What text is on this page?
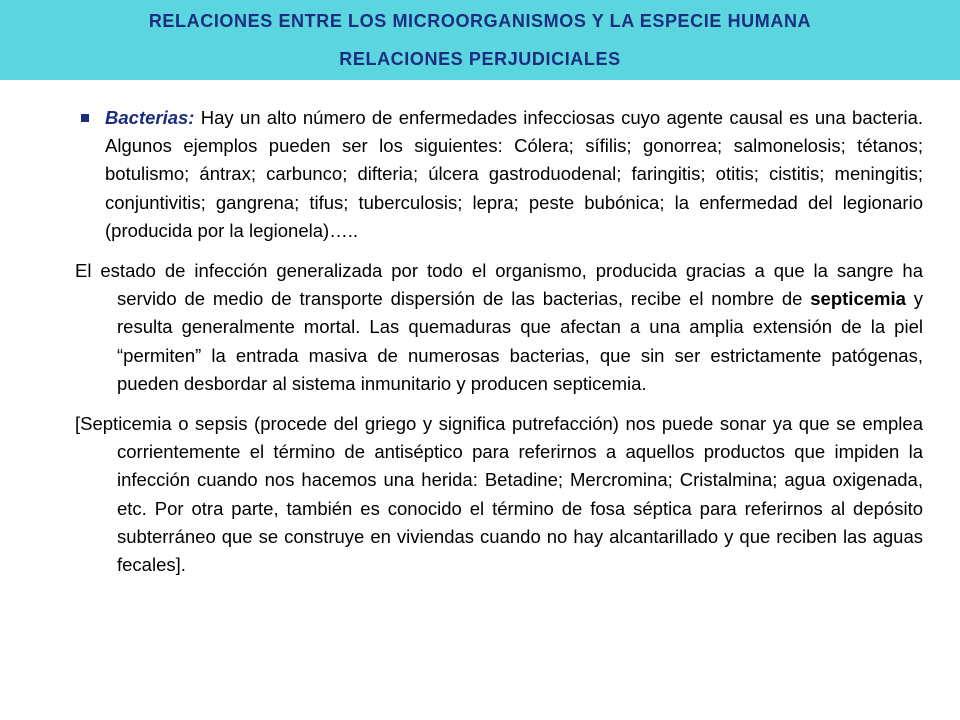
RELACIONES ENTRE LOS MICROORGANISMOS Y LA ESPECIE HUMANA
RELACIONES PERJUDICIALES
Bacterias: Hay un alto número de enfermedades infecciosas cuyo agente causal es una bacteria. Algunos ejemplos pueden ser los siguientes: Cólera; sífilis; gonorrea; salmonelosis; tétanos; botulismo; ántrax; carbunco; difteria; úlcera gastroduodenal; faringitis; otitis; cistitis; meningitis; conjuntivitis; gangrena; tifus; tuberculosis; lepra; peste bubónica; la enfermedad del legionario (producida por la legionela)…..
El estado de infección generalizada por todo el organismo, producida gracias a que la sangre ha servido de medio de transporte dispersión de las bacterias, recibe el nombre de septicemia y resulta generalmente mortal. Las quemaduras que afectan a una amplia extensión de la piel “permiten” la entrada masiva de numerosas bacterias, que sin ser estrictamente patógenas, pueden desbordar al sistema inmunitario y producen septicemia.
[Septicemia o sepsis (procede del griego y significa putrefacción) nos puede sonar ya que se emplea corrientemente el término de antiséptico para referirnos a aquellos productos que impiden la infección cuando nos hacemos una herida: Betadine; Mercromina; Cristalmina; agua oxigenada, etc. Por otra parte, también es conocido el término de fosa séptica para referirnos al depósito subterráneo que se construye en viviendas cuando no hay alcantarillado y que reciben las aguas fecales].
